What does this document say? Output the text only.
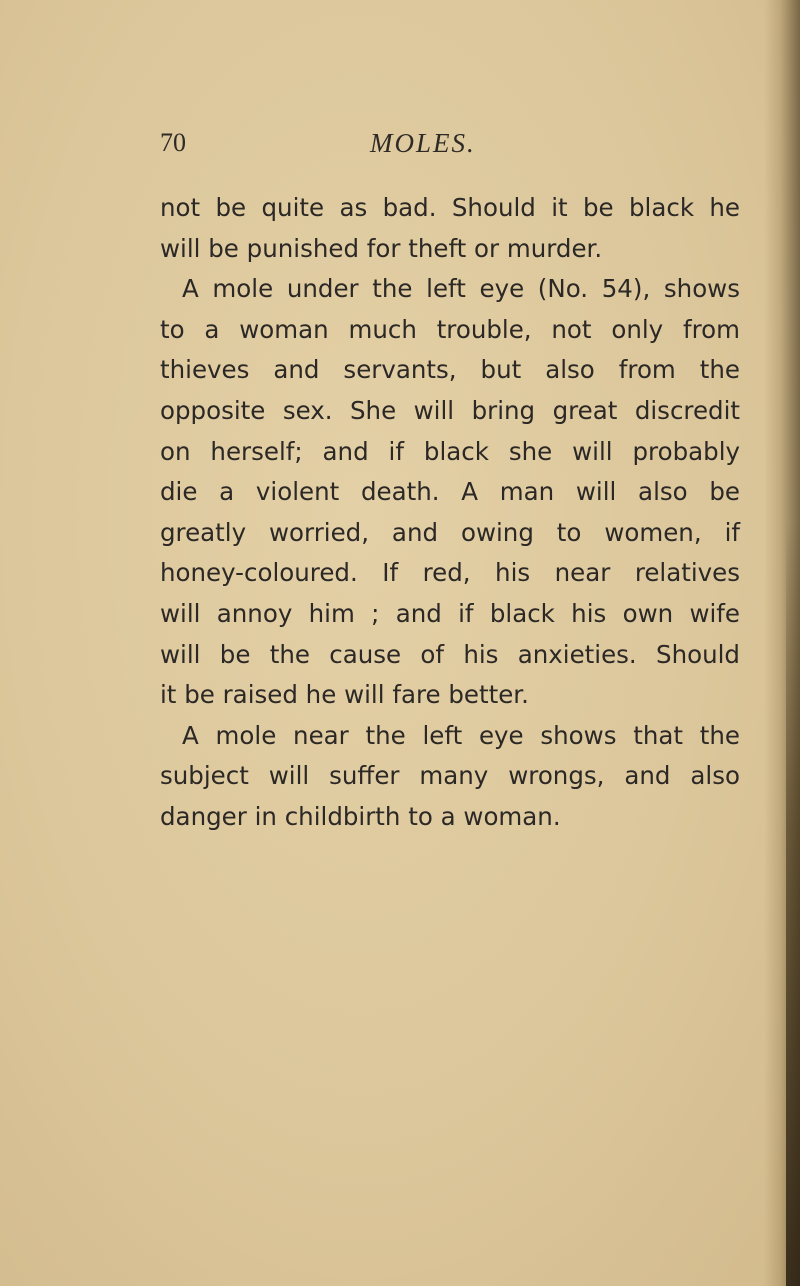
70	MOLES.
not be quite as bad. Should it be black he
will be punished for theft or murder.
A mole under the left eye (No. 54), shows
to a woman much trouble, not only from
thieves and servants, but also from the
opposite sex. She will bring great discredit
on herself; and if black she will probably
die a violent death. A man will also be
greatly worried, and owing to women, if
honey-coloured. If red, his near relatives
will annoy him ; and if black his own wife
will be the cause of his anxieties. Should
it be raised he will fare better.
A mole near the left eye shows that the
subject will suffer many wrongs, and also
danger in childbirth to a woman.
